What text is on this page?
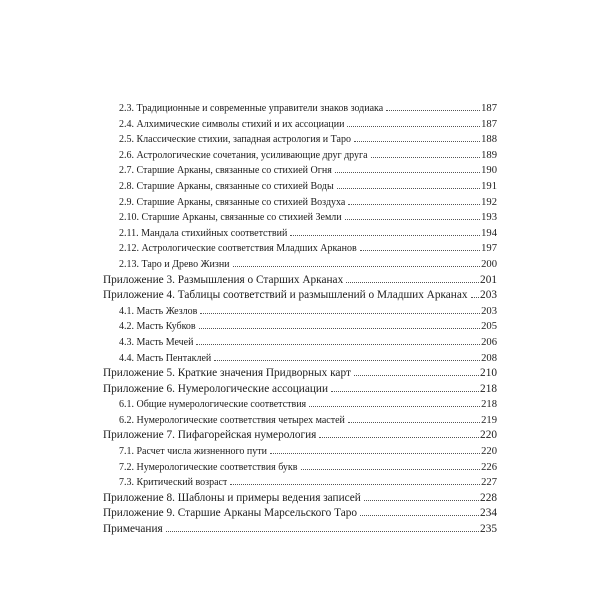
2.3. Традиционные и современные управители знаков зодиака	187
2.4. Алхимические символы стихий и их ассоциации	187
2.5. Классические стихии, западная астрология и Таро	188
2.6. Астрологические сочетания, усиливающие друг друга	189
2.7. Старшие Арканы, связанные со стихией Огня	190
2.8. Старшие Арканы, связанные со стихией Воды	191
2.9. Старшие Арканы, связанные со стихией Воздуха	192
2.10. Старшие Арканы, связанные со стихией Земли	193
2.11. Мандала стихийных соответствий	194
2.12. Астрологические соответствия Младших Арканов	197
2.13. Таро и Древо Жизни	200
Приложение 3. Размышления о Старших Арканах	201
Приложение 4. Таблицы соответствий и размышлений о Младших Арканах 203
4.1. Масть Жезлов	203
4.2. Масть Кубков	205
4.3. Масть Мечей	206
4.4. Масть Пентаклей	208
Приложение 5. Краткие значения Придворных карт	210
Приложение 6. Нумерологические ассоциации	218
6.1. Общие нумерологические соответствия	218
6.2. Нумерологические соответствия четырех мастей	219
Приложение 7. Пифагорейская нумерология	220
7.1. Расчет числа жизненного пути	220
7.2. Нумерологические соответствия букв	226
7.3. Критический возраст	227
Приложение 8. Шаблоны и примеры ведения записей	228
Приложение 9. Старшие Арканы Марсельского Таро	234
Примечания	235
